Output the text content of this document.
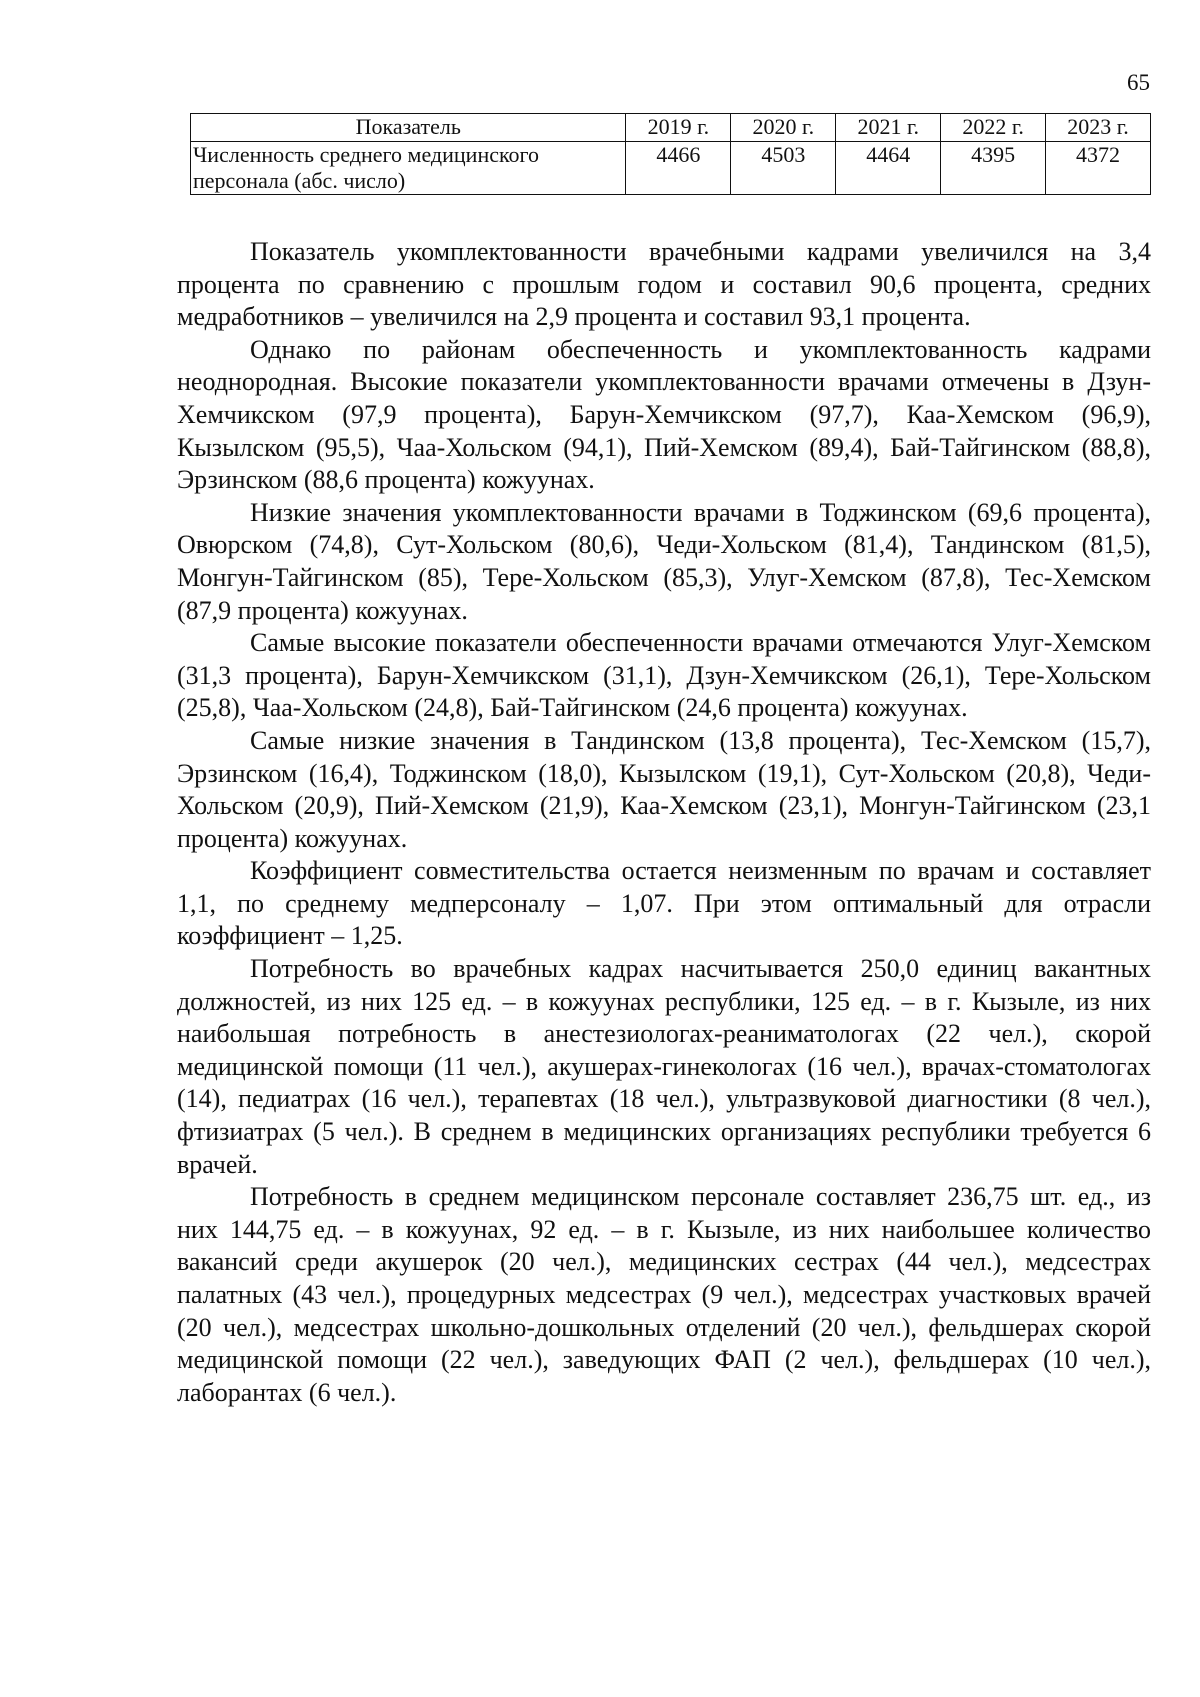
65
Показатель	2019 г.	2020 г.	2021 г.	2022 г.	2023 г.
Численность среднего медицинского
персонала (абс. число)	4466	4503	4464	4395	4372

Показатель укомплектованности врачебными кадрами увеличился на 3,4 процента по сравнению с прошлым годом и составил 90,6 процента, средних медработников – увеличился на 2,9 процента и составил 93,1 процента.

Однако по районам обеспеченность и укомплектованность кадрами неоднородная. Высокие показатели укомплектованности врачами отмечены в Дзун-Хемчикском (97,9 процента), Барун-Хемчикском (97,7), Каа-Хемском (96,9), Кызылском (95,5), Чаа-Хольском (94,1), Пий-Хемском (89,4), Бай-Тайгинском (88,8), Эрзинском (88,6 процента) кожуунах.

Низкие значения укомплектованности врачами в Тоджинском (69,6 процента), Овюрском (74,8), Сут-Хольском (80,6), Чеди-Хольском (81,4), Тандинском (81,5), Монгун-Тайгинском (85), Тере-Хольском (85,3), Улуг-Хемском (87,8), Тес-Хемском (87,9 процента) кожуунах.

Самые высокие показатели обеспеченности врачами отмечаются Улуг-Хемском (31,3 процента), Барун-Хемчикском (31,1), Дзун-Хемчикском (26,1), Тере-Хольском (25,8), Чаа-Хольском (24,8), Бай-Тайгинском (24,6 процента) кожуунах.

Самые низкие значения в Тандинском (13,8 процента), Тес-Хемском (15,7), Эрзинском (16,4), Тоджинском (18,0), Кызылском (19,1), Сут-Хольском (20,8), Чеди-Хольском (20,9), Пий-Хемском (21,9), Каа-Хемском (23,1), Монгун-Тайгинском (23,1 процента) кожуунах.

Коэффициент совместительства остается неизменным по врачам и составляет 1,1, по среднему медперсоналу – 1,07. При этом оптимальный для отрасли коэффициент – 1,25.

Потребность во врачебных кадрах насчитывается 250,0 единиц вакантных должностей, из них 125 ед. – в кожуунах республики, 125 ед. – в г. Кызыле, из них наибольшая потребность в анестезиологах-реаниматологах (22 чел.), скорой медицинской помощи (11 чел.), акушерах-гинекологах (16 чел.), врачах-стоматологах (14), педиатрах (16 чел.), терапевтах (18 чел.), ультразвуковой диагностики (8 чел.), фтизиатрах (5 чел.). В среднем в медицинских организациях республики требуется 6 врачей.

Потребность в среднем медицинском персонале составляет 236,75 шт. ед., из них 144,75 ед. – в кожуунах, 92 ед. – в г. Кызыле, из них наибольшее количество вакансий среди акушерок (20 чел.), медицинских сестрах (44 чел.), медсестрах палатных (43 чел.), процедурных медсестрах (9 чел.), медсестрах участковых врачей (20 чел.), медсестрах школьно-дошкольных отделений (20 чел.), фельдшерах скорой медицинской помощи (22 чел.), заведующих ФАП (2 чел.), фельдшерах (10 чел.), лаборантах (6 чел.).
